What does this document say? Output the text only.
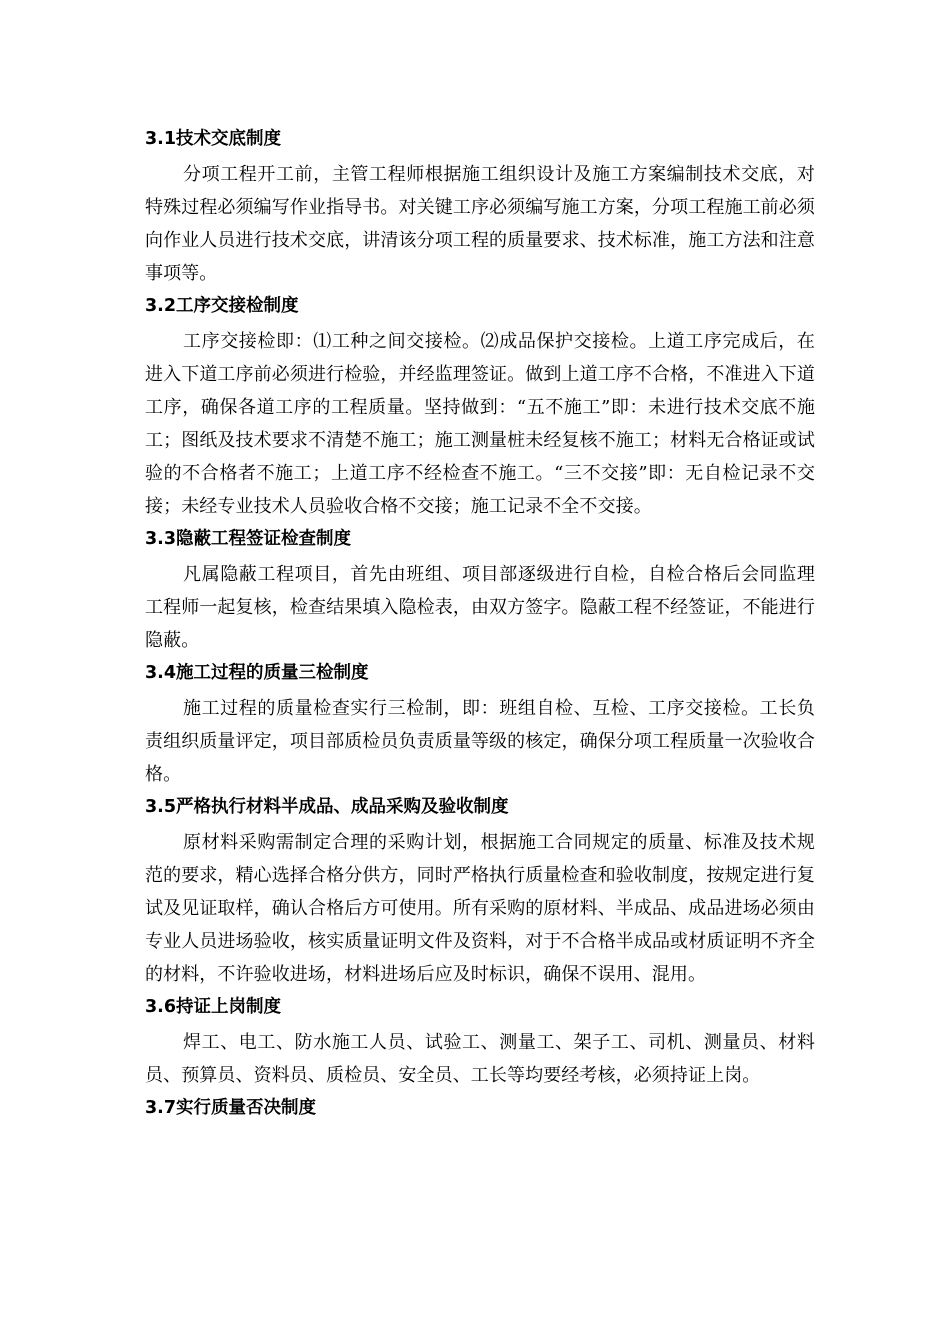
3.1技术交底制度
分项工程开工前，主管工程师根据施工组织设计及施工方案编制技术交底，对特殊过程必须编写作业指导书。对关键工序必须编写施工方案，分项工程施工前必须向作业人员进行技术交底，讲清该分项工程的质量要求、技术标准，施工方法和注意事项等。
3.2工序交接检制度
工序交接检即：⑴工种之间交接检。⑵成品保护交接检。上道工序完成后，在进入下道工序前必须进行检验，并经监理签证。做到上道工序不合格，不准进入下道工序，确保各道工序的工程质量。坚持做到：“五不施工”即：未进行技术交底不施工；图纸及技术要求不清楚不施工；施工测量桩未经复核不施工；材料无合格证或试验的不合格者不施工；上道工序不经检查不施工。“三不交接”即：无自检记录不交接；未经专业技术人员验收合格不交接；施工记录不全不交接。
3.3隐蔽工程签证检查制度
凡属隐蔽工程项目，首先由班组、项目部逐级进行自检，自检合格后会同监理工程师一起复核，检查结果填入隐检表，由双方签字。隐蔽工程不经签证，不能进行隐蔽。
3.4施工过程的质量三检制度
施工过程的质量检查实行三检制，即：班组自检、互检、工序交接检。工长负责组织质量评定，项目部质检员负责质量等级的核定，确保分项工程质量一次验收合格。
3.5严格执行材料半成品、成品采购及验收制度
原材料采购需制定合理的采购计划，根据施工合同规定的质量、标准及技术规范的要求，精心选择合格分供方，同时严格执行质量检查和验收制度，按规定进行复试及见证取样，确认合格后方可使用。所有采购的原材料、半成品、成品进场必须由专业人员进场验收，核实质量证明文件及资料，对于不合格半成品或材质证明不齐全的材料，不许验收进场，材料进场后应及时标识，确保不误用、混用。
3.6持证上岗制度
焊工、电工、防水施工人员、试验工、测量工、架子工、司机、测量员、材料员、预算员、资料员、质检员、安全员、工长等均要经考核，必须持证上岗。
3.7实行质量否决制度
